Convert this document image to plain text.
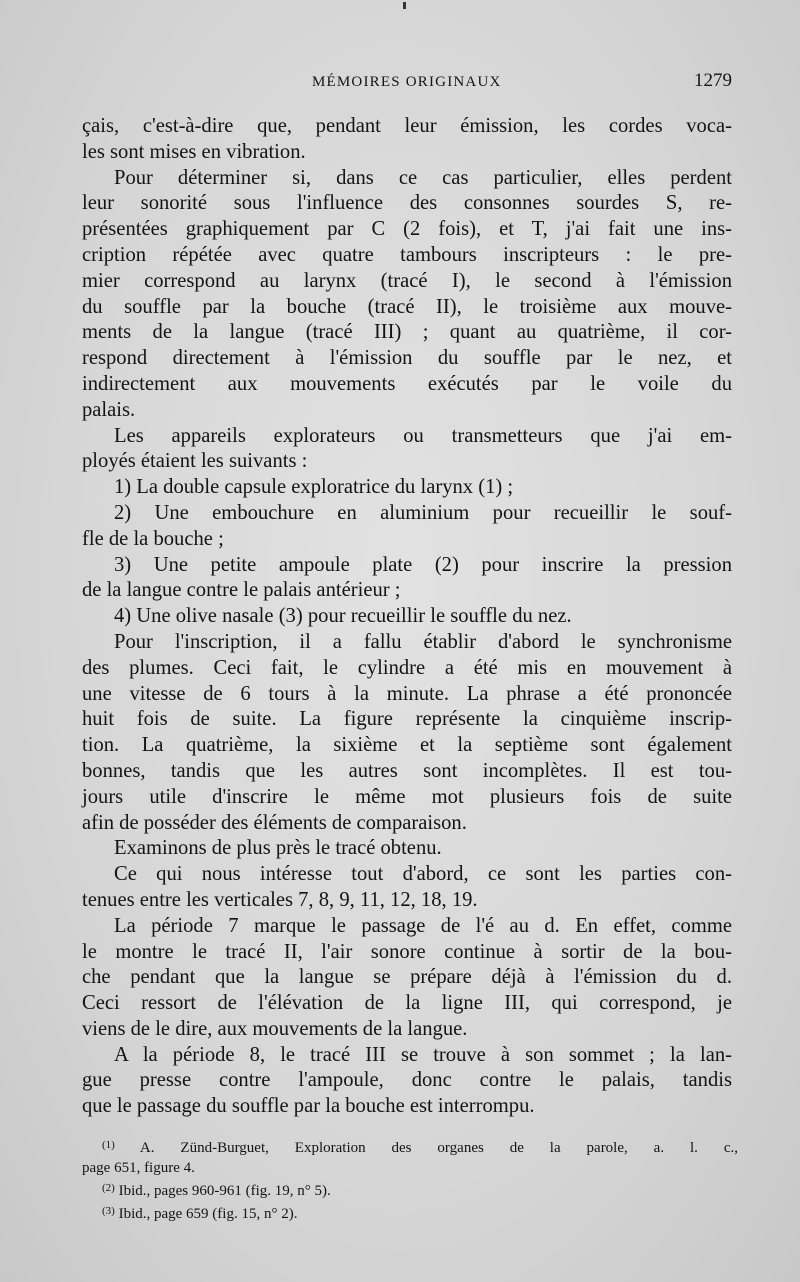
MÉMOIRES ORIGINAUX	1279
çais, c'est-à-dire que, pendant leur émission, les cordes voca-
les sont mises en vibration.
Pour déterminer si, dans ce cas particulier, elles perdent
leur sonorité sous l'influence des consonnes sourdes S, re-
présentées graphiquement par C (2 fois), et T, j'ai fait une ins-
cription répétée avec quatre tambours inscripteurs : le pre-
mier correspond au larynx (tracé I), le second à l'émission
du souffle par la bouche (tracé II), le troisième aux mouve-
ments de la langue (tracé III) ; quant au quatrième, il cor-
respond directement à l'émission du souffle par le nez, et
indirectement aux mouvements exécutés par le voile du
palais.
Les appareils explorateurs ou transmetteurs que j'ai em-
ployés étaient les suivants :
1) La double capsule exploratrice du larynx (1) ;
2) Une embouchure en aluminium pour recueillir le souf-
fle de la bouche ;
3) Une petite ampoule plate (2) pour inscrire la pression
de la langue contre le palais antérieur ;
4) Une olive nasale (3) pour recueillir le souffle du nez.
Pour l'inscription, il a fallu établir d'abord le synchronisme
des plumes. Ceci fait, le cylindre a été mis en mouvement à
une vitesse de 6 tours à la minute. La phrase a été prononcée
huit fois de suite. La figure représente la cinquième inscrip-
tion. La quatrième, la sixième et la septième sont également
bonnes, tandis que les autres sont incomplètes. Il est tou-
jours utile d'inscrire le même mot plusieurs fois de suite
afin de posséder des éléments de comparaison.
Examinons de plus près le tracé obtenu.
Ce qui nous intéresse tout d'abord, ce sont les parties con-
tenues entre les verticales 7, 8, 9, 11, 12, 18, 19.
La période 7 marque le passage de l'é au d. En effet, comme
le montre le tracé II, l'air sonore continue à sortir de la bou-
che pendant que la langue se prépare déjà à l'émission du d.
Ceci ressort de l'élévation de la ligne III, qui correspond, je
viens de le dire, aux mouvements de la langue.
A la période 8, le tracé III se trouve à son sommet ; la lan-
gue presse contre l'ampoule, donc contre le palais, tandis
que le passage du souffle par la bouche est interrompu.
$^{(1)}$ A. Zünd-Burguet, Exploration des organes de la parole, a. l. c.,
page 651, figure 4.
$^{(2)}$ Ibid., pages 960-961 (fig. 19, n° 5).
$^{(3)}$ Ibid., page 659 (fig. 15, n° 2).
